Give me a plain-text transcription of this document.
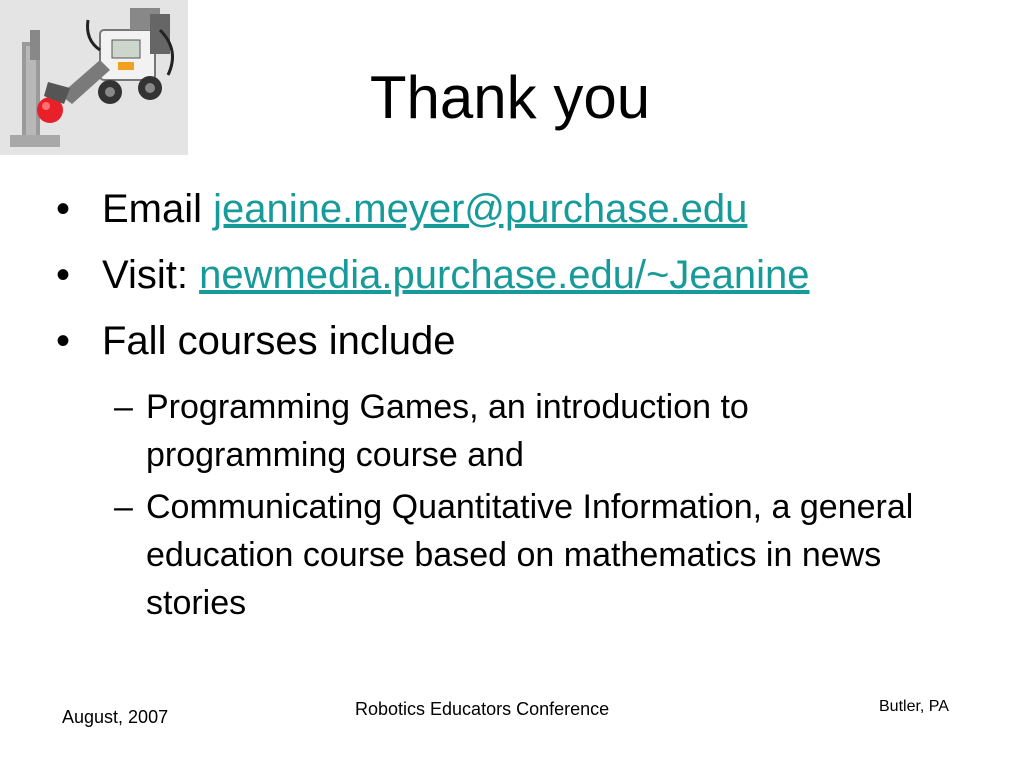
Thank you
• Email jeanine.meyer@purchase.edu
• Visit: newmedia.purchase.edu/~Jeanine
• Fall courses include
– Programming Games, an introduction to programming course and
– Communicating Quantitative Information, a general education course based on mathematics in news stories
August, 2007	Robotics Educators Conference	Butler, PA
